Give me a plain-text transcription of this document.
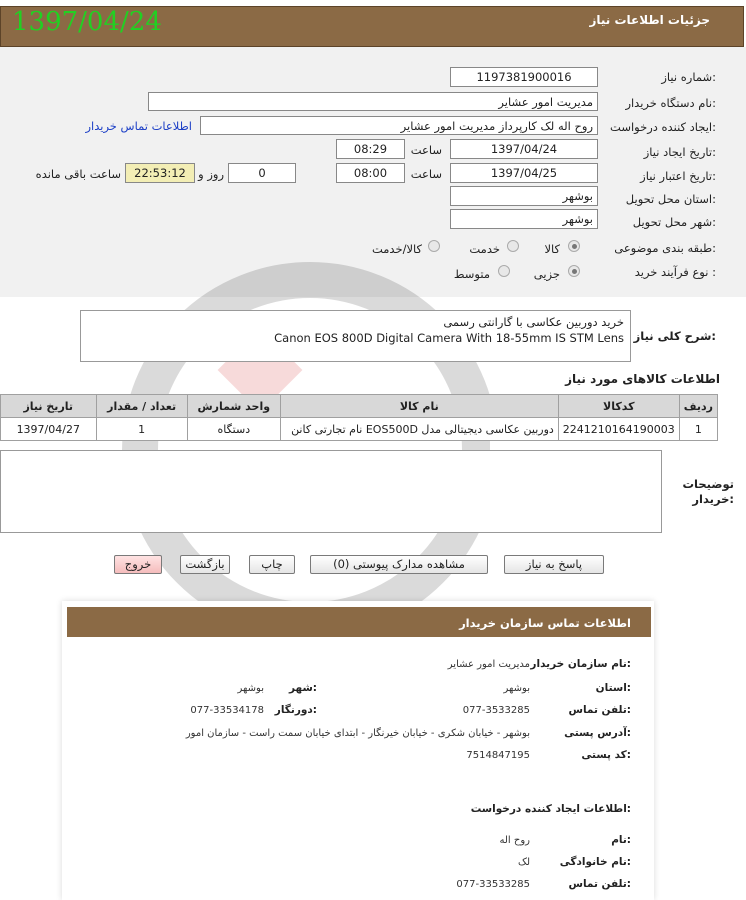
جزئیات اطلاعات نیاز
1397/04/24
شماره نیاز:
1197381900016
نام دستگاه خریدار:
مدیریت امور عشایر
ایجاد کننده درخواست:
روح اله لک کارپرداز مدیریت امور عشایر
اطلاعات تماس خریدار
تاریخ ایجاد نیاز:
1397/04/24
ساعت
08:29
تاریخ اعتبار نیاز:
1397/04/25
ساعت
08:00
0
روز و
22:53:12
ساعت باقی مانده
استان محل تحویل:
بوشهر
شهر محل تحویل:
بوشهر
طبقه بندی موضوعی:
کالا
خدمت
کالا/خدمت
نوع فرآیند خرید :
جزیی
متوسط
شرح کلی نیاز:
خرید دوربین عکاسی با گارانتی رسمی
Canon EOS 800D Digital Camera With 18-55mm IS STM Lens
اطلاعات کالاهای مورد نیاز
ردیف	کدکالا	نام کالا	واحد شمارش	تعداد / مقدار	تاریخ نیاز
1	2241210164190003	دوربین عکاسی دیجیتالی مدل EOS500D نام تجارتی کانن	دستگاه	1	1397/04/27
توضیحات خریدار:
پاسخ به نیاز
مشاهده مدارک پیوستی (0)
چاپ
بازگشت
خروج
اطلاعات تماس سازمان خریدار
نام سازمان خریدار:
مدیریت امور عشایر
استان:
بوشهر
شهر:
بوشهر
تلفن تماس:
077-3533285
دورنگار:
077-33534178
آدرس پستی:
بوشهر - خیابان شکری - خیابان خیرنگار - ابتدای خیابان سمت راست - سازمان امور
کد پستی:
7514847195
اطلاعات ایجاد کننده درخواست:
نام:
روح اله
نام خانوادگی:
لک
تلفن تماس:
077-33533285
